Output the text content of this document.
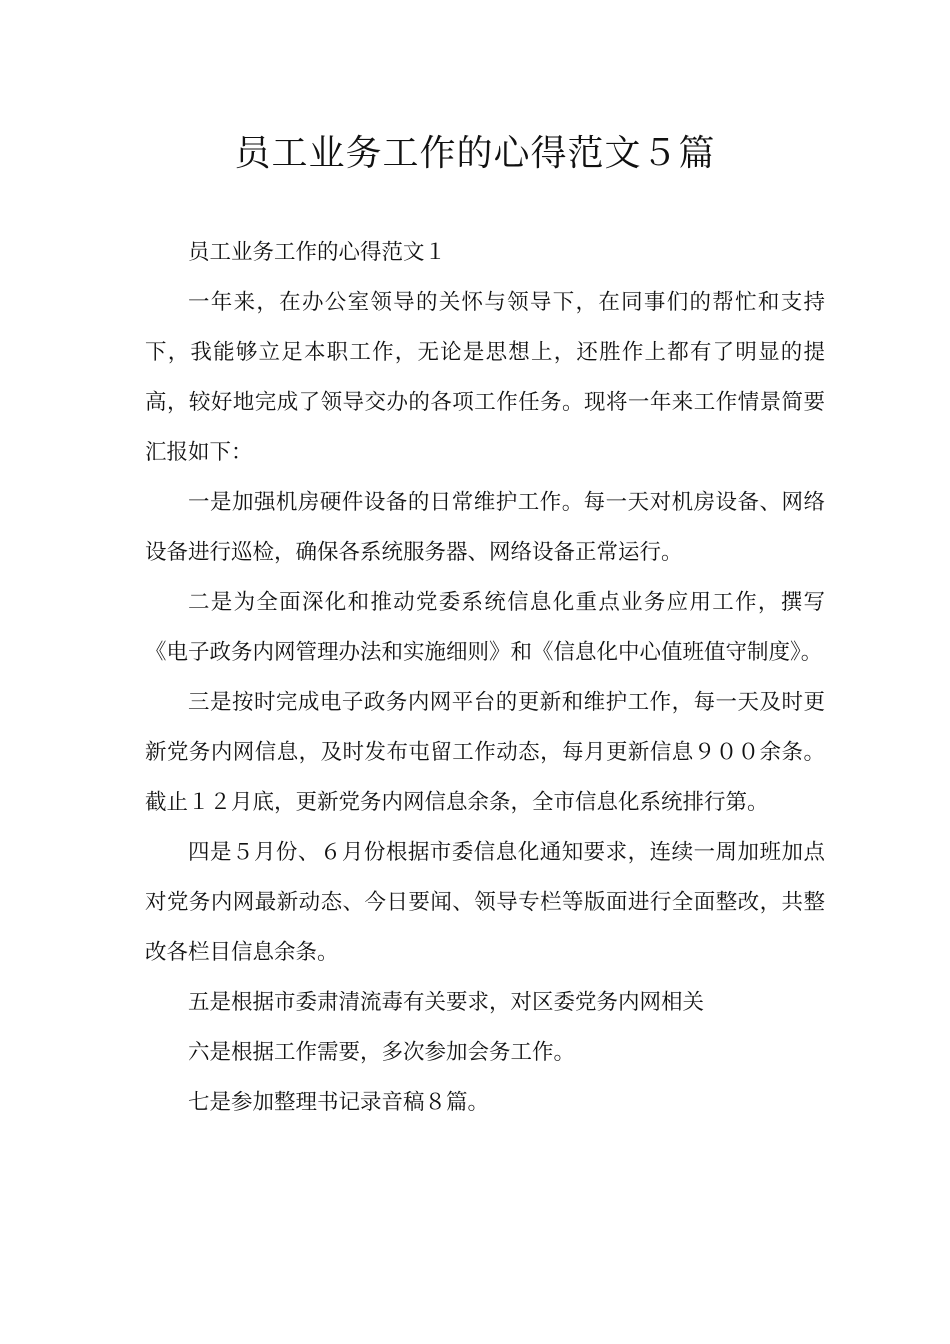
员工业务工作的心得范文５篇

员工业务工作的心得范文１

一年来，在办公室领导的关怀与领导下，在同事们的帮忙和支持下，我能够立足本职工作，无论是思想上，还胜作上都有了明显的提高，较好地完成了领导交办的各项工作任务。现将一年来工作情景简要汇报如下：

一是加强机房硬件设备的日常维护工作。每一天对机房设备、网络设备进行巡检，确保各系统服务器、网络设备正常运行。

二是为全面深化和推动党委系统信息化重点业务应用工作，撰写《电子政务内网管理办法和实施细则》和《信息化中心值班值守制度》。

三是按时完成电子政务内网平台的更新和维护工作，每一天及时更新党务内网信息，及时发布屯留工作动态，每月更新信息９００余条。截止１２月底，更新党务内网信息余条，全市信息化系统排行第。

四是５月份、６月份根据市委信息化通知要求，连续一周加班加点对党务内网最新动态、今日要闻、领导专栏等版面进行全面整改，共整改各栏目信息余条。

五是根据市委肃清流毒有关要求，对区委党务内网相关

六是根据工作需要，多次参加会务工作。

七是参加整理书记录音稿８篇。
